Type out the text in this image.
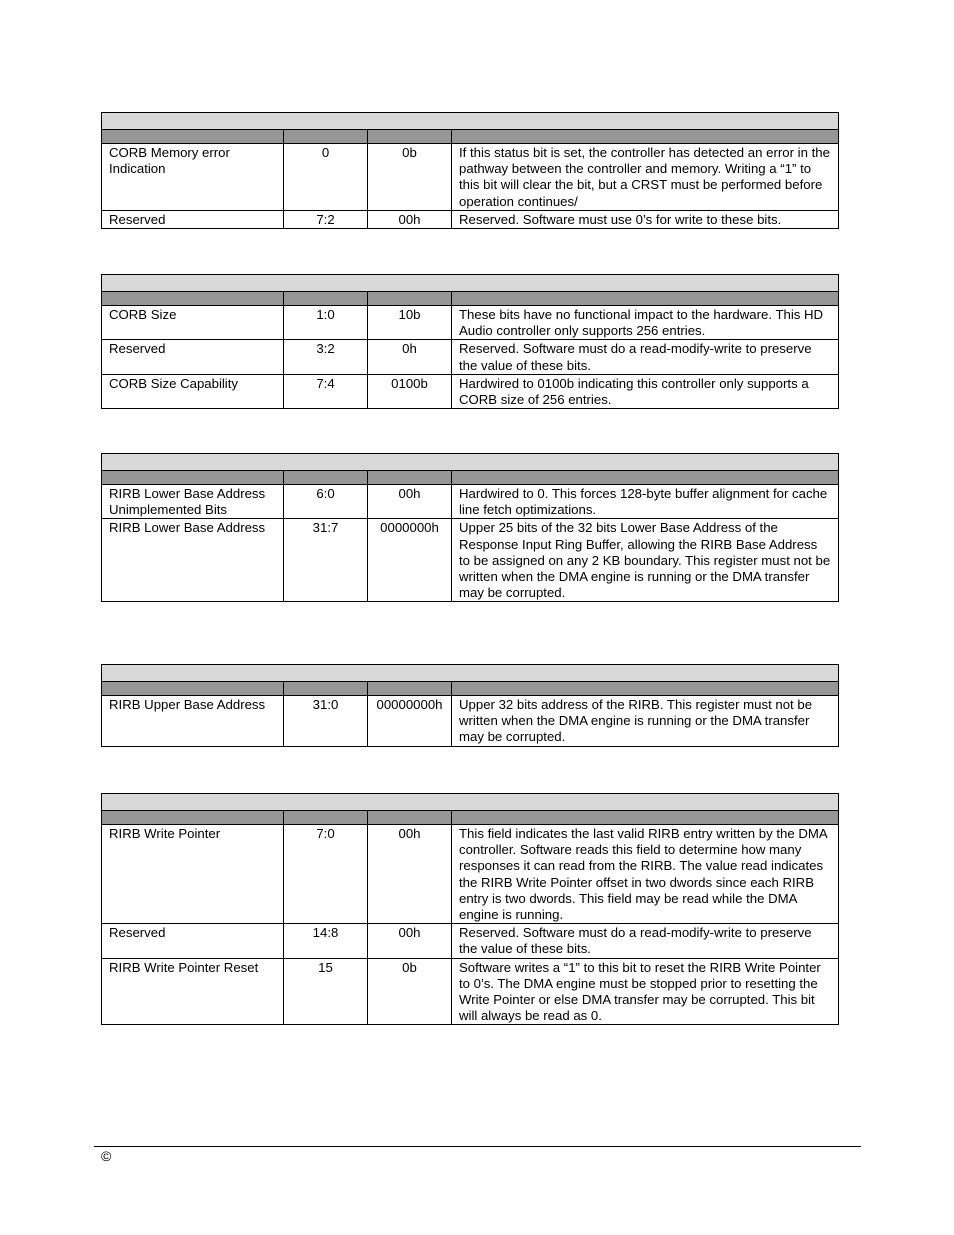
CORB Memory error Indication	0	0b	If this status bit is set, the controller has detected an error in the pathway between the controller and memory. Writing a “1” to this bit will clear the bit, but a CRST must be performed before operation continues/
Reserved	7:2	00h	Reserved. Software must use 0’s for write to these bits.

CORB Size	1:0	10b	These bits have no functional impact to the hardware. This HD Audio controller only supports 256 entries.
Reserved	3:2	0h	Reserved. Software must do a read-modify-write to preserve the value of these bits.
CORB Size Capability	7:4	0100b	Hardwired to 0100b indicating this controller only supports a CORB size of 256 entries.

RIRB Lower Base Address Unimplemented Bits	6:0	00h	Hardwired to 0. This forces 128-byte buffer alignment for cache line fetch optimizations.
RIRB Lower Base Address	31:7	0000000h	Upper 25 bits of the 32 bits Lower Base Address of the Response Input Ring Buffer, allowing the RIRB Base Address to be assigned on any 2 KB boundary. This register must not be written when the DMA engine is running or the DMA transfer may be corrupted.

RIRB Upper Base Address	31:0	00000000h	Upper 32 bits address of the RIRB. This register must not be written when the DMA engine is running or the DMA transfer may be corrupted.

RIRB Write Pointer	7:0	00h	This field indicates the last valid RIRB entry written by the DMA controller. Software reads this field to determine how many responses it can read from the RIRB. The value read indicates the RIRB Write Pointer offset in two dwords since each RIRB entry is two dwords. This field may be read while the DMA engine is running.
Reserved	14:8	00h	Reserved. Software must do a read-modify-write to preserve the value of these bits.
RIRB Write Pointer Reset	15	0b	Software writes a “1” to this bit to reset the RIRB Write Pointer to 0’s. The DMA engine must be stopped prior to resetting the Write Pointer or else DMA transfer may be corrupted. This bit will always be read as 0.
©
